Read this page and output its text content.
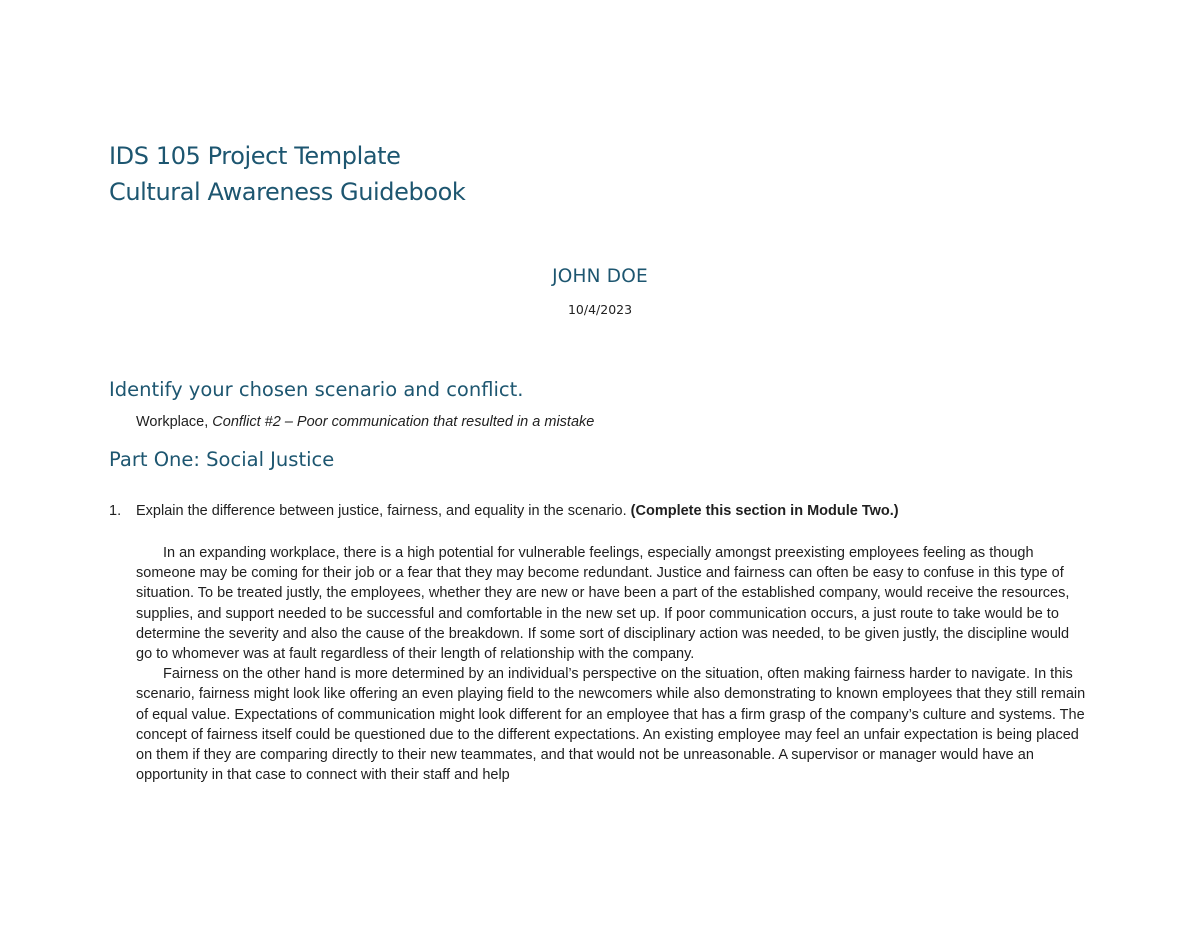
IDS 105 Project Template
Cultural Awareness Guidebook
JOHN DOE
10/4/2023
Identify your chosen scenario and conflict.
Workplace, Conflict #2 – Poor communication that resulted in a mistake
Part One: Social Justice
1. Explain the difference between justice, fairness, and equality in the scenario. (Complete this section in Module Two.)

In an expanding workplace, there is a high potential for vulnerable feelings, especially amongst preexisting employees feeling as though someone may be coming for their job or a fear that they may become redundant. Justice and fairness can often be easy to confuse in this type of situation. To be treated justly, the employees, whether they are new or have been a part of the established company, would receive the resources, supplies, and support needed to be successful and comfortable in the new set up. If poor communication occurs, a just route to take would be to determine the severity and also the cause of the breakdown. If some sort of disciplinary action was needed, to be given justly, the discipline would go to whomever was at fault regardless of their length of relationship with the company.

Fairness on the other hand is more determined by an individual’s perspective on the situation, often making fairness harder to navigate. In this scenario, fairness might look like offering an even playing field to the newcomers while also demonstrating to known employees that they still remain of equal value. Expectations of communication might look different for an employee that has a firm grasp of the company’s culture and systems. The concept of fairness itself could be questioned due to the different expectations. An existing employee may feel an unfair expectation is being placed on them if they are comparing directly to their new teammates, and that would not be unreasonable. A supervisor or manager would have an opportunity in that case to connect with their staff and help
